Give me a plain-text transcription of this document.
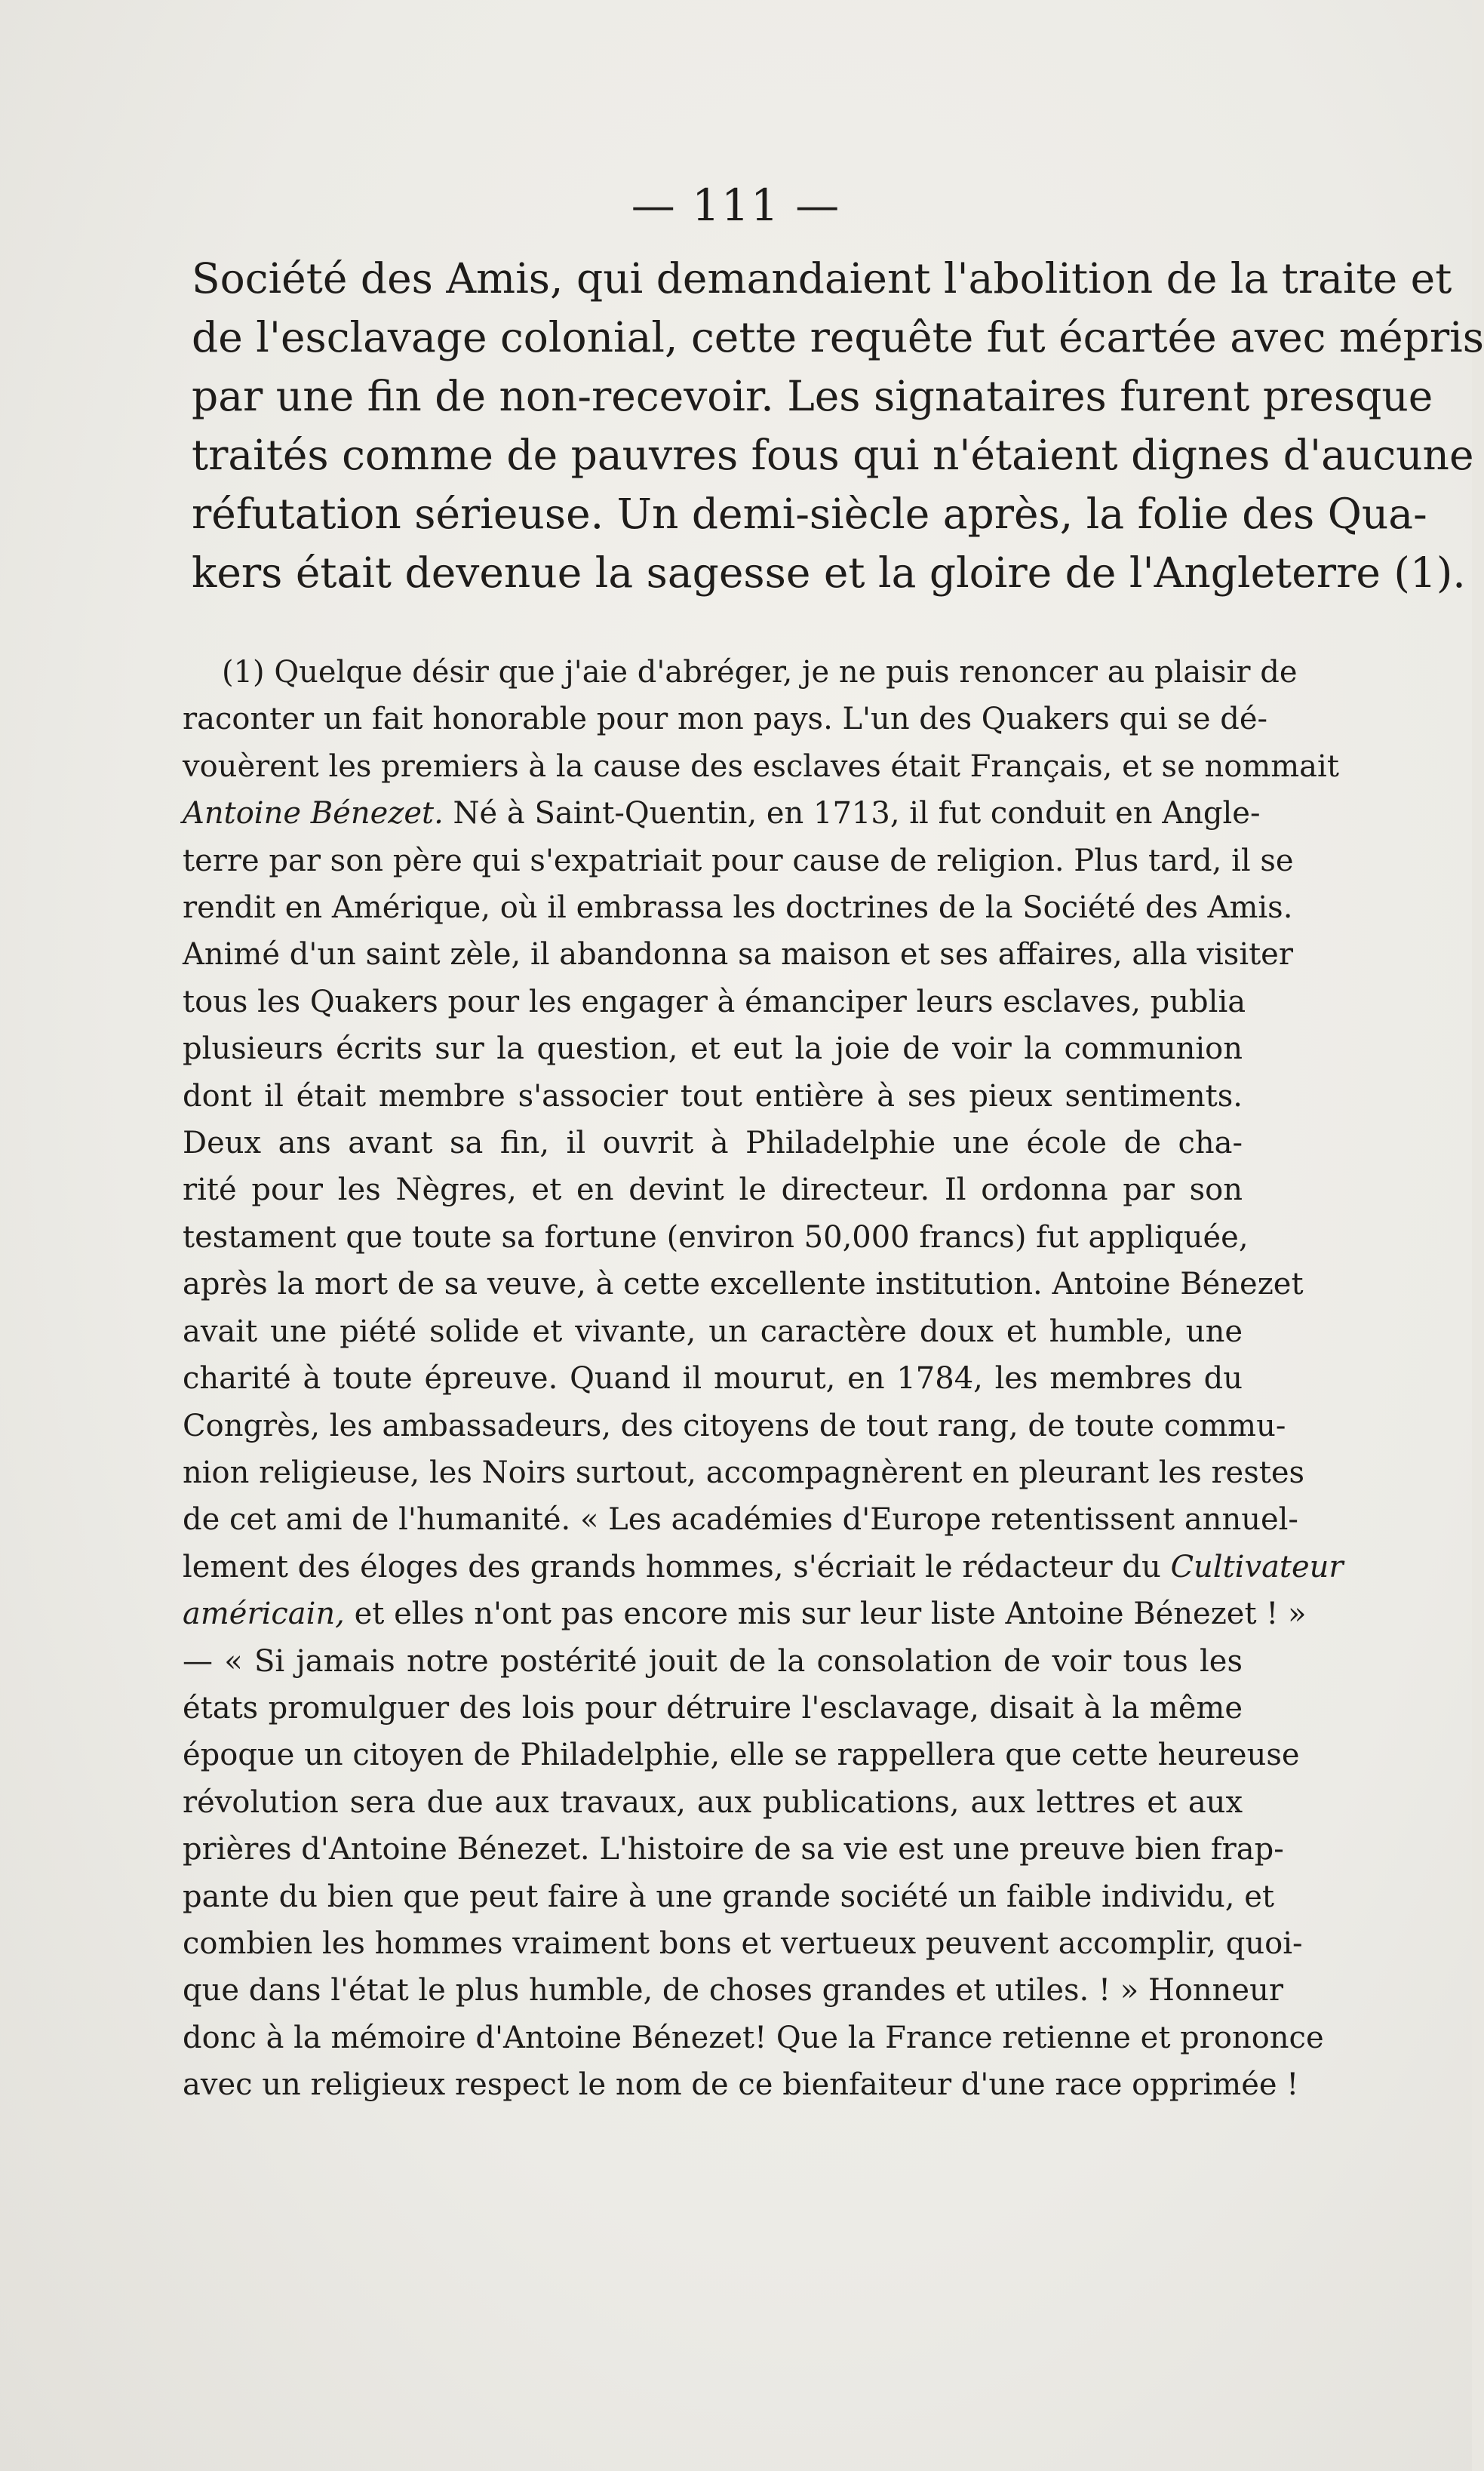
— 111 —
Société des Amis, qui demandaient l'abolition de la traite et
de l'esclavage colonial, cette requête fut écartée avec mépris
par une fin de non-recevoir. Les signataires furent presque
traités comme de pauvres fous qui n'étaient dignes d'aucune
réfutation sérieuse. Un demi-siècle après, la folie des Qua-
kers était devenue la sagesse et la gloire de l'Angleterre (1).
(1) Quelque désir que j'aie d'abréger, je ne puis renoncer au plaisir de
raconter un fait honorable pour mon pays. L'un des Quakers qui se dé-
vouèrent les premiers à la cause des esclaves était Français, et se nommait
Antoine Bénezet. Né à Saint-Quentin, en 1713, il fut conduit en Angle-
terre par son père qui s'expatriait pour cause de religion. Plus tard, il se
rendit en Amérique, où il embrassa les doctrines de la Société des Amis.
Animé d'un saint zèle, il abandonna sa maison et ses affaires, alla visiter
tous les Quakers pour les engager à émanciper leurs esclaves, publia
plusieurs écrits sur la question, et eut la joie de voir la communion
dont il était membre s'associer tout entière à ses pieux sentiments.
Deux ans avant sa fin, il ouvrit à Philadelphie une école de cha-
rité pour les Nègres, et en devint le directeur. Il ordonna par son
testament que toute sa fortune (environ 50,000 francs) fut appliquée,
après la mort de sa veuve, à cette excellente institution. Antoine Bénezet
avait une piété solide et vivante, un caractère doux et humble, une
charité à toute épreuve. Quand il mourut, en 1784, les membres du
Congrès, les ambassadeurs, des citoyens de tout rang, de toute commu-
nion religieuse, les Noirs surtout, accompagnèrent en pleurant les restes
de cet ami de l'humanité. « Les académies d'Europe retentissent annuel-
lement des éloges des grands hommes, s'écriait le rédacteur du Cultivateur
américain, et elles n'ont pas encore mis sur leur liste Antoine Bénezet ! »
— « Si jamais notre postérité jouit de la consolation de voir tous les
états promulguer des lois pour détruire l'esclavage, disait à la même
époque un citoyen de Philadelphie, elle se rappellera que cette heureuse
révolution sera due aux travaux, aux publications, aux lettres et aux
prières d'Antoine Bénezet. L'histoire de sa vie est une preuve bien frap-
pante du bien que peut faire à une grande société un faible individu, et
combien les hommes vraiment bons et vertueux peuvent accomplir, quoi-
que dans l'état le plus humble, de choses grandes et utiles. ! » Honneur
donc à la mémoire d'Antoine Bénezet! Que la France retienne et prononce
avec un religieux respect le nom de ce bienfaiteur d'une race opprimée !
